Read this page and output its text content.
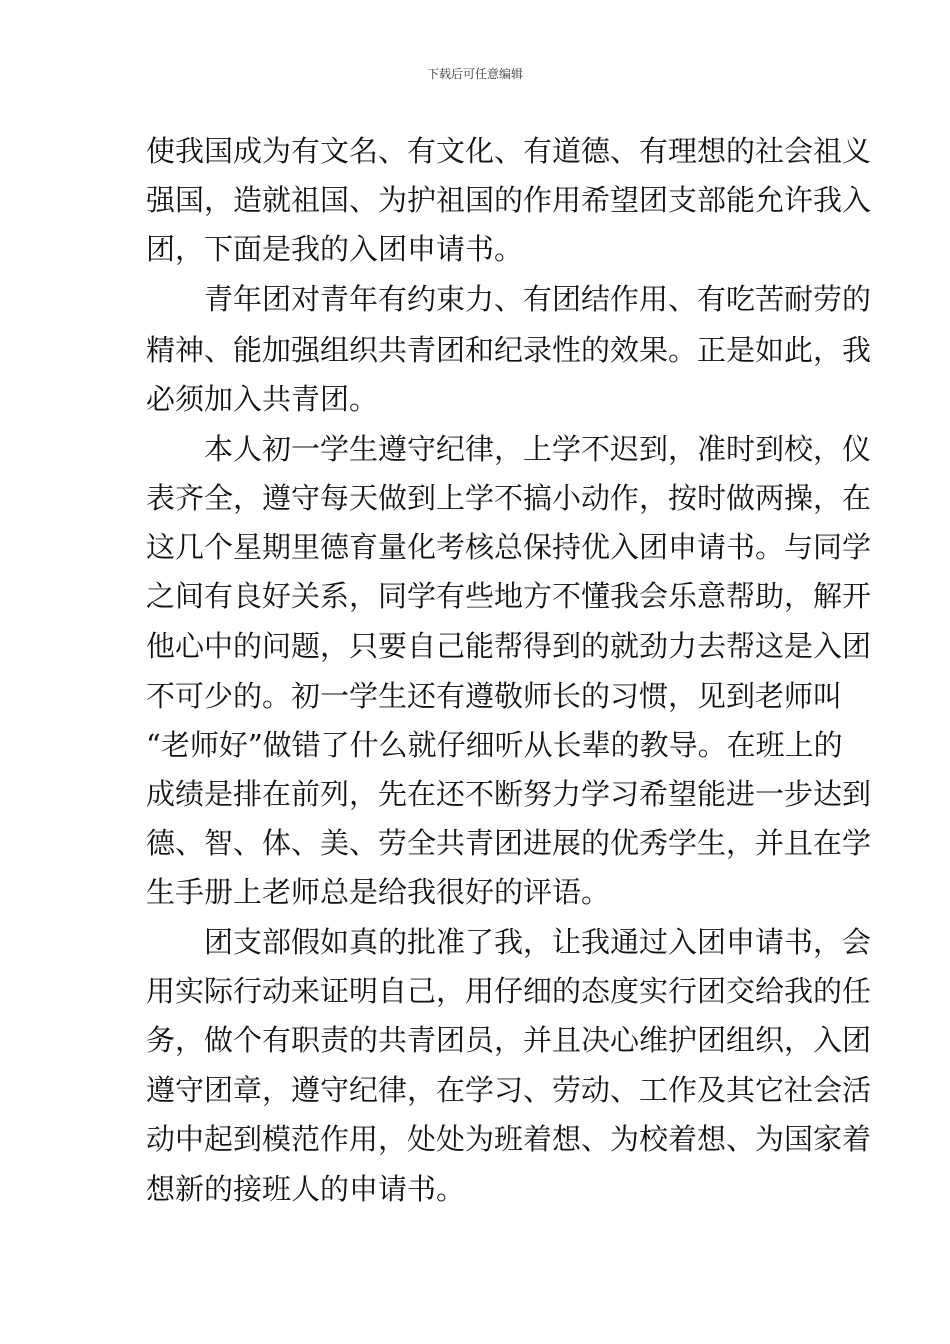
下载后可任意编辑
使我国成为有文名、有文化、有道德、有理想的社会祖义
强国，造就祖国、为护祖国的作用希望团支部能允许我入
团，下面是我的入团申请书。
青年团对青年有约束力、有团结作用、有吃苦耐劳的
精神、能加强组织共青团和纪录性的效果。正是如此，我
必须加入共青团。
本人初一学生遵守纪律，上学不迟到，准时到校，仪
表齐全，遵守每天做到上学不搞小动作，按时做两操，在
这几个星期里德育量化考核总保持优入团申请书。与同学
之间有良好关系，同学有些地方不懂我会乐意帮助，解开
他心中的问题，只要自己能帮得到的就劲力去帮这是入团
不可少的。初一学生还有遵敬师长的习惯，见到老师叫
“老师好”做错了什么就仔细听从长辈的教导。在班上的
成绩是排在前列，先在还不断努力学习希望能进一步达到
德、智、体、美、劳全共青团进展的优秀学生，并且在学
生手册上老师总是给我很好的评语。
团支部假如真的批准了我，让我通过入团申请书，会
用实际行动来证明自己，用仔细的态度实行团交给我的任
务，做个有职责的共青团员，并且决心维护团组织，入团
遵守团章，遵守纪律，在学习、劳动、工作及其它社会活
动中起到模范作用，处处为班着想、为校着想、为国家着
想新的接班人的申请书。
